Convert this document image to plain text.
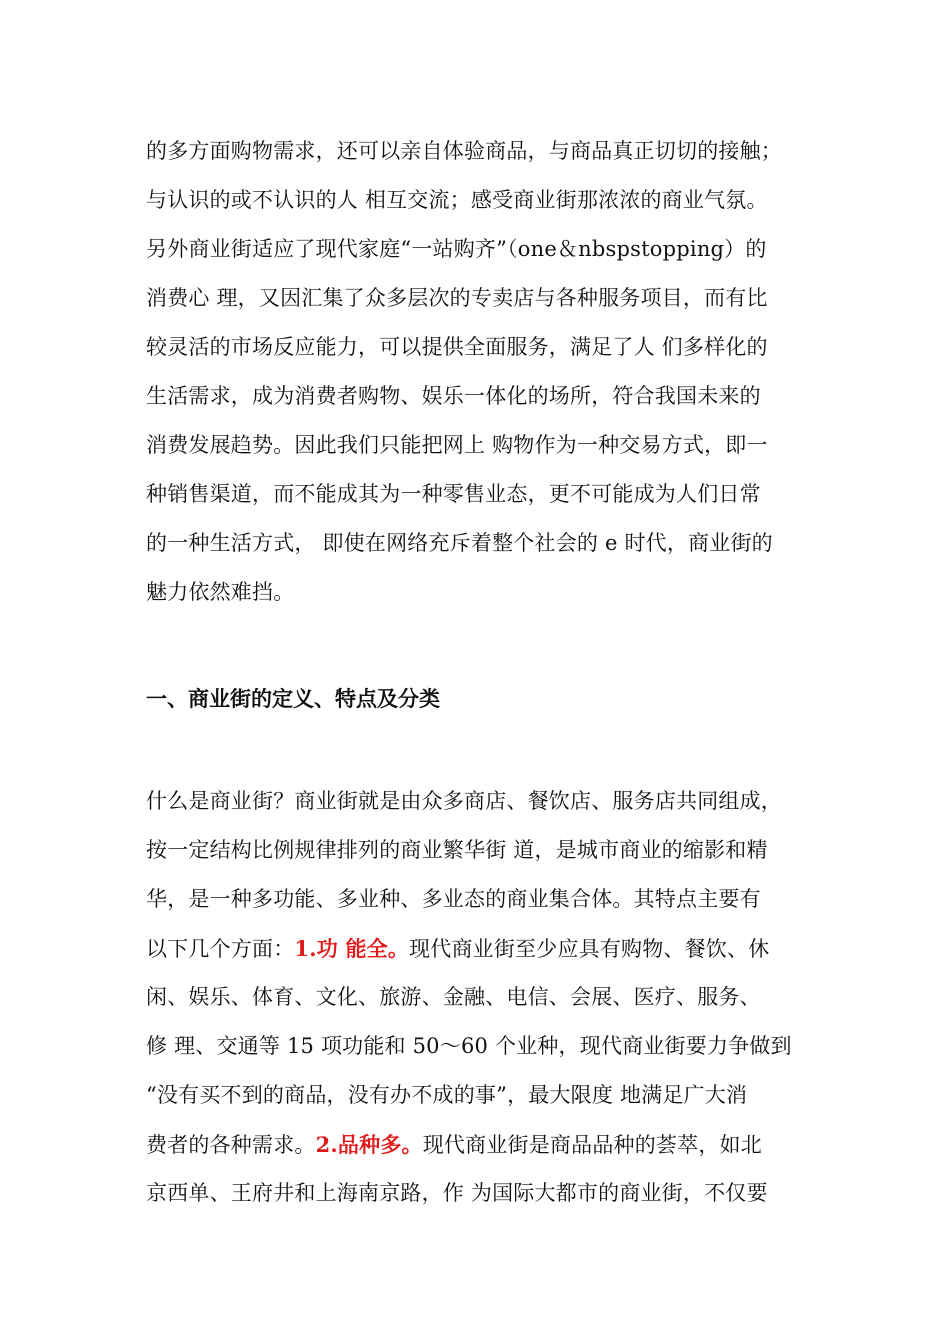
的多方面购物需求，还可以亲自体验商品，与商品真正切切的接触；
与认识的或不认识的人 相互交流；感受商业街那浓浓的商业气氛。
另外商业街适应了现代家庭“一站购齐”（one＆nbspstopping）的
消费心 理，又因汇集了众多层次的专卖店与各种服务项目，而有比
较灵活的市场反应能力，可以提供全面服务，满足了人 们多样化的
生活需求，成为消费者购物、娱乐一体化的场所，符合我国未来的
消费发展趋势。因此我们只能把网上 购物作为一种交易方式，即一
种销售渠道，而不能成其为一种零售业态，更不可能成为人们日常
的一种生活方式， 即使在网络充斥着整个社会的 e 时代，商业街的
魅力依然难挡。
一、商业街的定义、特点及分类
什么是商业街？商业街就是由众多商店、餐饮店、服务店共同组成，
按一定结构比例规律排列的商业繁华街 道，是城市商业的缩影和精
华，是一种多功能、多业种、多业态的商业集合体。其特点主要有
以下几个方面：1.功 能全。现代商业街至少应具有购物、餐饮、休
闲、娱乐、体育、文化、旅游、金融、电信、会展、医疗、服务、
修 理、交通等 15 项功能和 50～60 个业种，现代商业街要力争做到
“没有买不到的商品，没有办不成的事”，最大限度 地满足广大消
费者的各种需求。2.品种多。现代商业街是商品品种的荟萃，如北
京西单、王府井和上海南京路，作 为国际大都市的商业街，不仅要
